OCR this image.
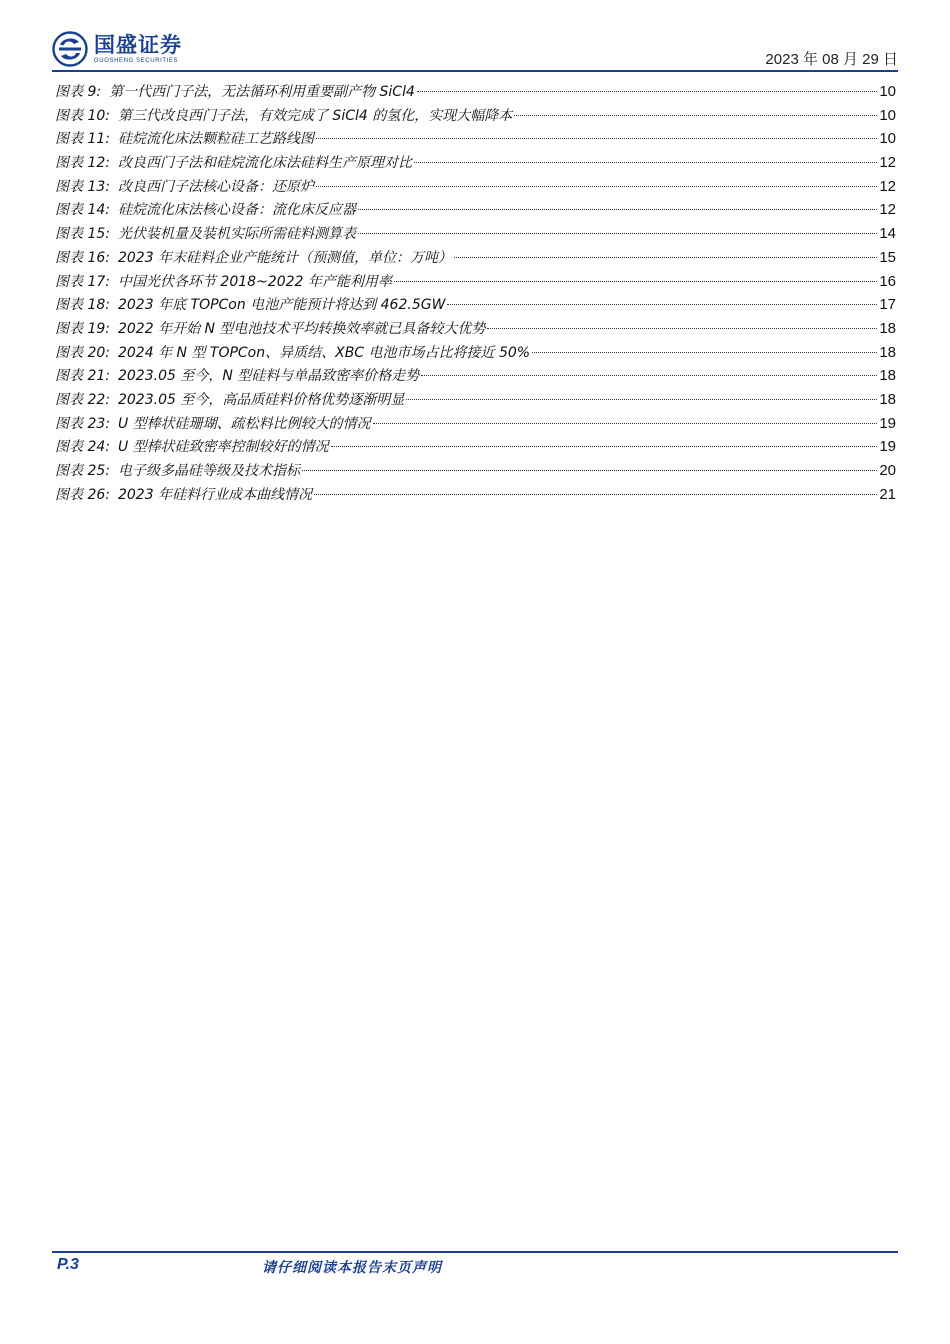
国盛证券
GUOSHENG SECURITIES	2023 年 08 月 29 日
图表 9: 第一代西门子法，无法循环利用重要副产物 SiCl4	10
图表 10: 第三代改良西门子法，有效完成了 SiCl4 的氢化，实现大幅降本	10
图表 11: 硅烷流化床法颗粒硅工艺路线图	10
图表 12: 改良西门子法和硅烷流化床法硅料生产原理对比	12
图表 13: 改良西门子法核心设备：还原炉	12
图表 14: 硅烷流化床法核心设备：流化床反应器	12
图表 15: 光伏装机量及装机实际所需硅料测算表	14
图表 16: 2023 年末硅料企业产能统计（预测值，单位：万吨）	15
图表 17: 中国光伏各环节 2018~2022 年产能利用率	16
图表 18: 2023 年底 TOPCon 电池产能预计将达到 462.5GW	17
图表 19: 2022 年开始 N 型电池技术平均转换效率就已具备较大优势	18
图表 20: 2024 年 N 型 TOPCon、异质结、XBC 电池市场占比将接近 50%	18
图表 21: 2023.05 至今，N 型硅料与单晶致密率价格走势	18
图表 22: 2023.05 至今，高品质硅料价格优势逐渐明显	18
图表 23: U 型棒状硅珊瑚、疏松料比例较大的情况	19
图表 24: U 型棒状硅致密率控制较好的情况	19
图表 25: 电子级多晶硅等级及技术指标	20
图表 26: 2023 年硅料行业成本曲线情况	21
P.3	请仔细阅读本报告末页声明
